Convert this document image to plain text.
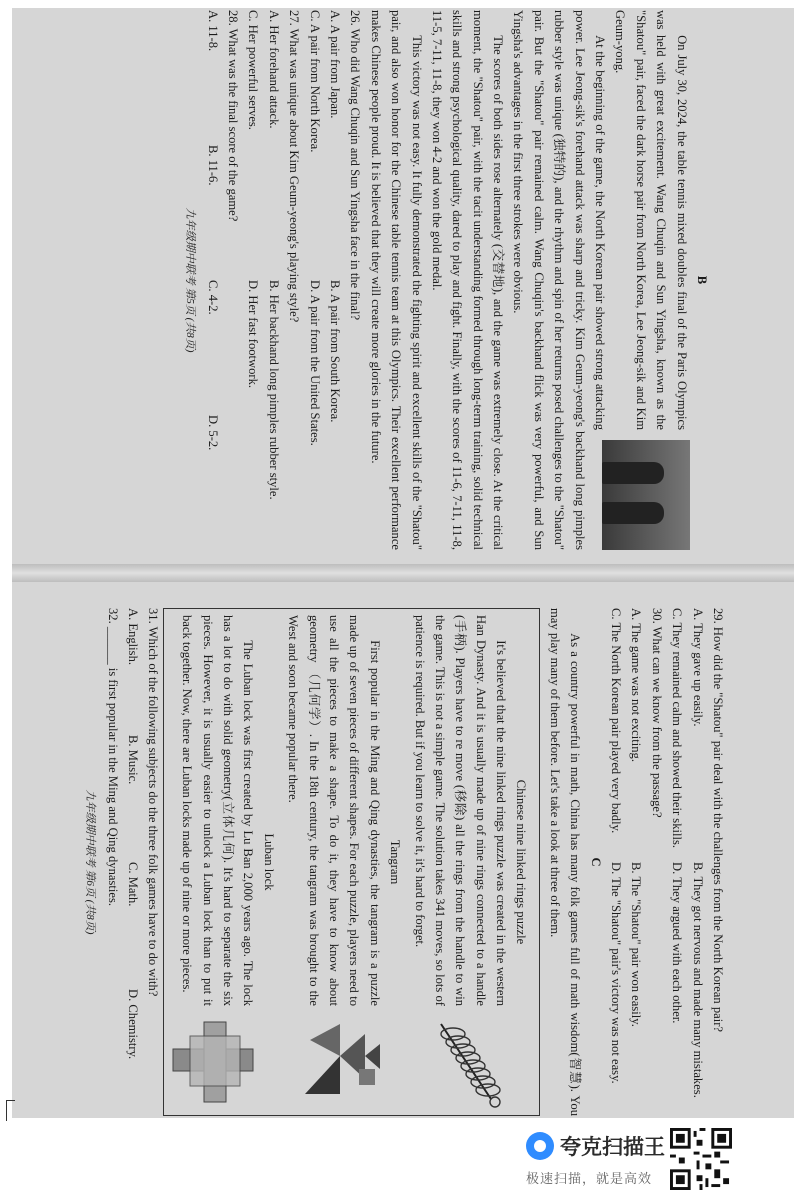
B

On July 30, 2024, the table tennis mixed doubles final of the Paris Olympics was held with great excitement. Wang Chuqin and Sun Yingsha, known as the "Shatou" pair, faced the dark horse pair from North Korea, Lee Jeong-sik and Kim Geum-yong.

At the beginning of the game, the North Korean pair showed strong attacking power. Lee Jeong-sik's forehand attack was sharp and tricky. Kim Geum-yeong's backhand long pimples rubber style was unique (独特的), and the rhythm and spin of her returns posed challenges to the "Shatou" pair. But the "Shatou" pair remained calm. Wang Chuqin's backhand flick was very powerful, and Sun Yingsha's advantages in the first three strokes were obvious.

The scores of both sides rose alternately (交替地), and the game was extremely close. At the critical moment, the "Shatou" pair, with the tacit understanding formed through long-term training, solid technical skills and strong psychological quality, dared to play and fight. Finally, with the scores of 11-6, 7-11, 11-8, 11-5, 7-11, 11-8, they won 4-2 and won the gold medal.

This victory was not easy. It fully demonstrated the fighting spirit and excellent skills of the "Shatou" pair, and also won honor for the Chinese table tennis team at this Olympics. Their excellent performance makes Chinese people proud. It is believed that they will create more glories in the future.

26. Who did Wang Chuqin and Sun Yingsha face in the final?

A. A pair from Japan.
B. A pair from South Korea.
C. A pair from North Korea.
D. A pair from the United States.

27. What was unique about Kim Geum-yeong's playing style?

A. Her forehand attack.
B. Her backhand long pimples rubber style.
C. Her powerful serves.
D. Her fast footwork.

28. What was the final score of the game?

A. 11-8.
B. 11-6.
C. 4-2.
D. 5-2.
九年级期中联考 第5页 (共8页)

29. How did the "Shatou" pair deal with the challenges from the North Korean pair?

A. They gave up easily.
B. They got nervous and made many mistakes.
C. They remained calm and showed their skills.
D. They argued with each other.

30. What can we know from the passage?

A. The game was not exciting.
B. The "Shatou" pair won easily.
C. The North Korean pair played very badly.
D. The "Shatou" pair's victory was not easy.

C

As a country powerful in math, China has many folk games full of math wisdom(智慧). You may play many of them before. Let's take a look at three of them.

Chinese nine linked rings puzzle

It's believed that the nine linked rings puzzle was created in the western Han Dynasty. And it is usually made up of nine rings connected to a handle (手柄). Players have to re move (移除) all the rings from the handle to win the game. This is not a simple game. The solution takes 341 moves, so lots of patience is required. But if you learn to solve it, it's hard to forget.

Tangram

First popular in the Ming and Qing dynasties, the tangram is a puzzle made up of seven pieces of different shapes. For each puzzle, players need to use all the pieces to make a shape. To do it, they have to know about geometry （几何学）. In the 18th century, the tangram was brought to the West and soon became popular there.

Luban lock

The Luban lock was first created by Lu Ban 2,000 years ago. The lock has a lot to do with solid geometry(立体几何). It's hard to separate the six pieces. However, it is usually easier to unlock a Luban lock than to put it back together. Now, there are Luban locks made up of nine or more pieces.

31. Which of the following subjects do the three folk games have to do with?

A. English.
B. Music.
C. Math.
D. Chemistry.

32. ______ is first popular in the Ming and Qing dynasties.

九年级期中联考 第6页 (共8页)
夸克扫描王
极速扫描，就是高效
